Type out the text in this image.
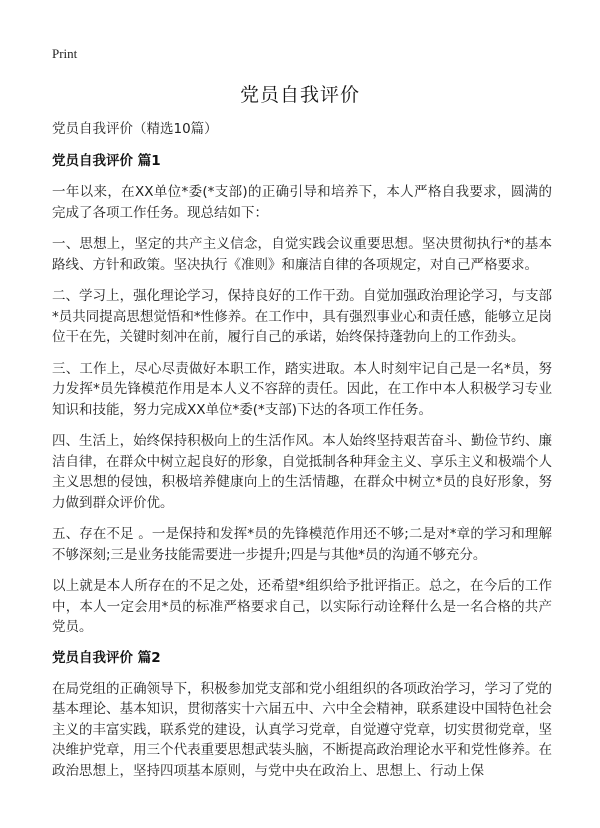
Print
党员自我评价

党员自我评价（精选10篇）

党员自我评价 篇1

一年以来，在XX单位*委(*支部)的正确引导和培养下，本人严格自我要求，圆满的完成了各项工作任务。现总结如下：

一、思想上，坚定的共产主义信念，自觉实践会议重要思想。坚决贯彻执行*的基本路线、方针和政策。坚决执行《准则》和廉洁自律的各项规定，对自己严格要求。

二、学习上，强化理论学习，保持良好的工作干劲。自觉加强政治理论学习，与支部*员共同提高思想觉悟和*性修养。在工作中，具有强烈事业心和责任感，能够立足岗位干在先，关键时刻冲在前，履行自己的承诺，始终保持蓬勃向上的工作劲头。

三、工作上，尽心尽责做好本职工作，踏实进取。本人时刻牢记自己是一名*员，努力发挥*员先锋模范作用是本人义不容辞的责任。因此，在工作中本人积极学习专业知识和技能，努力完成XX单位*委(*支部)下达的各项工作任务。

四、生活上，始终保持积极向上的生活作风。本人始终坚持艰苦奋斗、勤俭节约、廉洁自律，在群众中树立起良好的形象，自觉抵制各种拜金主义、享乐主义和极端个人主义思想的侵蚀，积极培养健康向上的生活情趣，在群众中树立*员的良好形象，努力做到群众评价优。

五、存在不足 。一是保持和发挥*员的先锋模范作用还不够;二是对*章的学习和理解不够深刻;三是业务技能需要进一步提升;四是与其他*员的沟通不够充分。

以上就是本人所存在的不足之处，还希望*组织给予批评指正。总之，在今后的工作中，本人一定会用*员的标准严格要求自己，以实际行动诠释什么是一名合格的共产党员。

党员自我评价 篇2

在局党组的正确领导下，积极参加党支部和党小组组织的各项政治学习，学习了党的基本理论、基本知识，贯彻落实十六届五中、六中全会精神，联系建设中国特色社会主义的丰富实践，联系党的建设，认真学习党章，自觉遵守党章，切实贯彻党章，坚决维护党章，用三个代表重要思想武装头脑，不断提高政治理论水平和党性修养。在政治思想上，坚持四项基本原则，与党中央在政治上、思想上、行动上保
